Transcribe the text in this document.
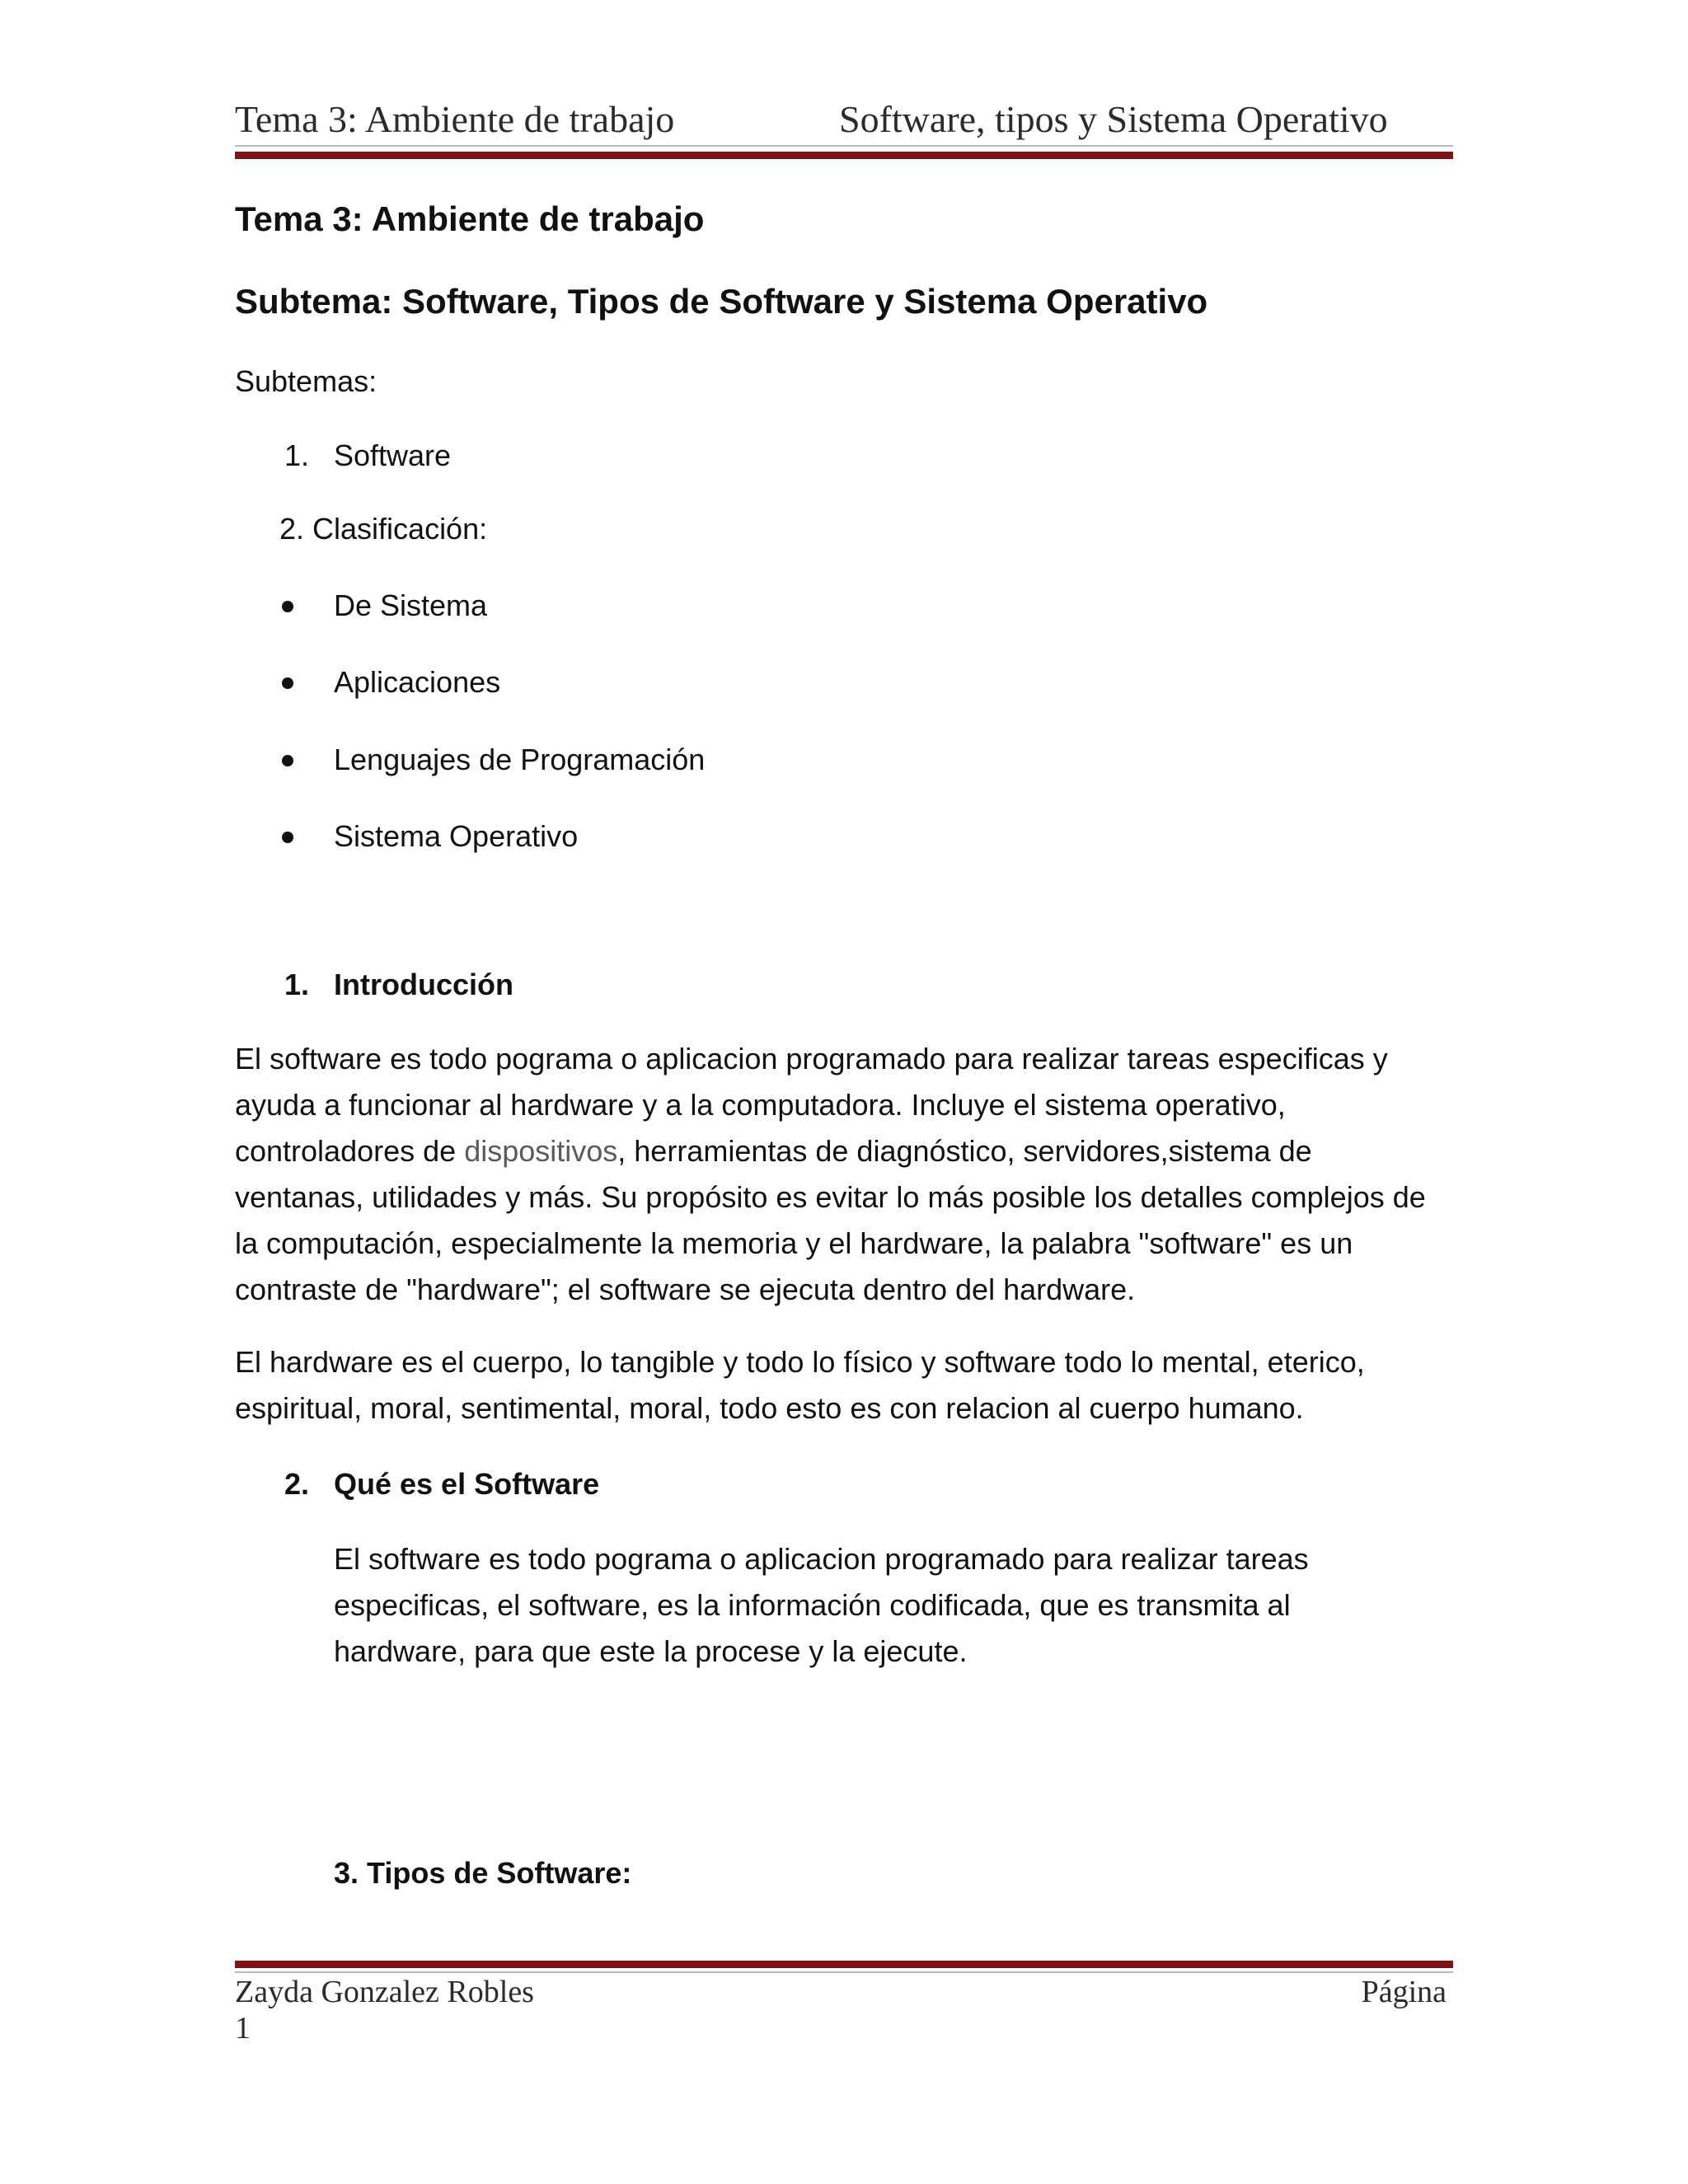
Tema 3: Ambiente de trabajo	Software, tipos y Sistema Operativo
Tema 3: Ambiente de trabajo
Subtema: Software, Tipos de Software y Sistema Operativo
Subtemas:
1. Software
2. Clasificación:
De Sistema
Aplicaciones
Lenguajes de Programación
Sistema Operativo
1. Introducción
El software es todo pograma o aplicacion programado para realizar tareas especificas y
ayuda a funcionar al hardware y a la computadora. Incluye el sistema operativo,
controladores de dispositivos, herramientas de diagnóstico, servidores,sistema de
ventanas, utilidades y más. Su propósito es evitar lo más posible los detalles complejos de
la computación, especialmente la memoria y el hardware, la palabra "software" es un
contraste de "hardware"; el software se ejecuta dentro del hardware.
El hardware es el cuerpo, lo tangible y todo lo físico y software todo lo mental, eterico,
espiritual, moral, sentimental, moral, todo esto es con relacion al cuerpo humano.
2. Qué es el Software
El software es todo pograma o aplicacion programado para realizar tareas
especificas, el software, es la información codificada, que es transmita al
hardware, para que este la procese y la ejecute.
3. Tipos de Software:
Zayda Gonzalez Robles	Página
1
